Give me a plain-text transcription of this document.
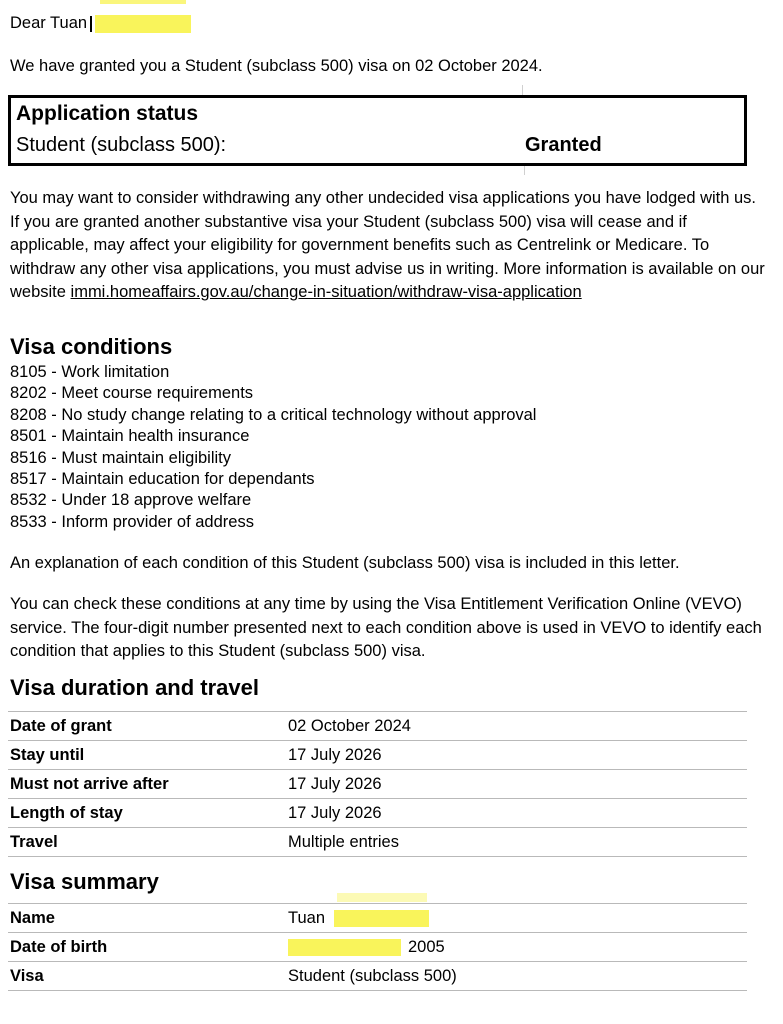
Dear Tuan

We have granted you a Student (subclass 500) visa on 02 October 2024.

Application status
Student (subclass 500):	Granted

You may want to consider withdrawing any other undecided visa applications you have lodged with us. If you are granted another substantive visa your Student (subclass 500) visa will cease and if applicable, may affect your eligibility for government benefits such as Centrelink or Medicare. To withdraw any other visa applications, you must advise us in writing. More information is available on our website immi.homeaffairs.gov.au/change-in-situation/withdraw-visa-application

Visa conditions
8105 - Work limitation
8202 - Meet course requirements
8208 - No study change relating to a critical technology without approval
8501 - Maintain health insurance
8516 - Must maintain eligibility
8517 - Maintain education for dependants
8532 - Under 18 approve welfare
8533 - Inform provider of address

An explanation of each condition of this Student (subclass 500) visa is included in this letter.

You can check these conditions at any time by using the Visa Entitlement Verification Online (VEVO) service. The four-digit number presented next to each condition above is used in VEVO to identify each condition that applies to this Student (subclass 500) visa.

Visa duration and travel
Date of grant	02 October 2024
Stay until	17 July 2026
Must not arrive after	17 July 2026
Length of stay	17 July 2026
Travel	Multiple entries
Visa summary
Name	Tuan
Date of birth	2005
Visa	Student (subclass 500)
